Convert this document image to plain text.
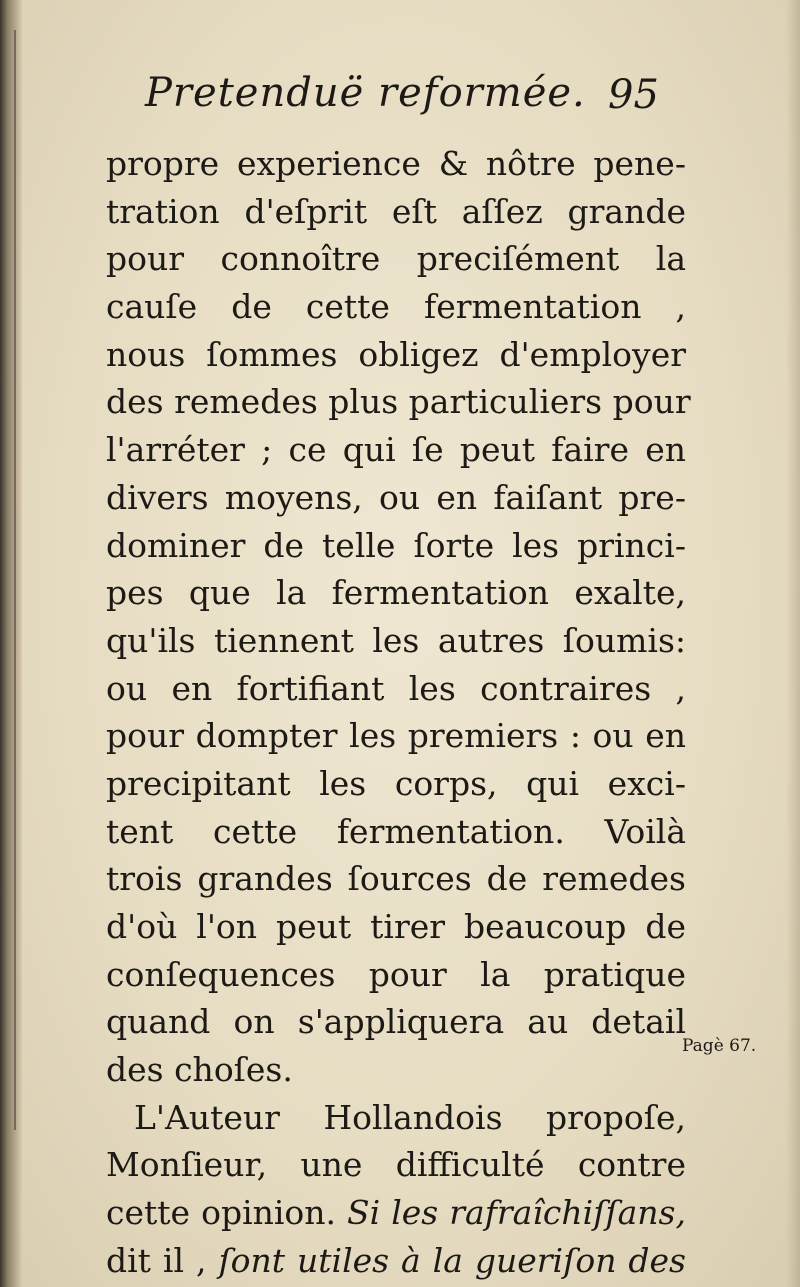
Pretenduë reformée. 95
propre experience & nôtre pene-
tration d'eſprit eſt aſſez grande
pour connoître preciſément la
cauſe de cette fermentation ,
nous ſommes obligez d'employer
des remedes plus particuliers pour
l'arréter ; ce qui ſe peut faire en
divers moyens, ou en faiſant pre-
dominer de telle ſorte les princi-
pes que la fermentation exalte,
qu'ils tiennent les autres ſoumis:
ou en fortifiant les contraires ,
pour dompter les premiers : ou en
precipitant les corps, qui exci-
tent cette fermentation. Voilà
trois grandes ſources de remedes
d'où l'on peut tirer beaucoup de
conſequences pour la pratique
quand on s'appliquera au detail
des choſes.
L'Auteur Hollandois propoſe,
Monſieur, une difficulté contre
cette opinion. Si les rafraîchiſſans,
dit il , ſont utiles à la gueriſon des
Pagè 67.
